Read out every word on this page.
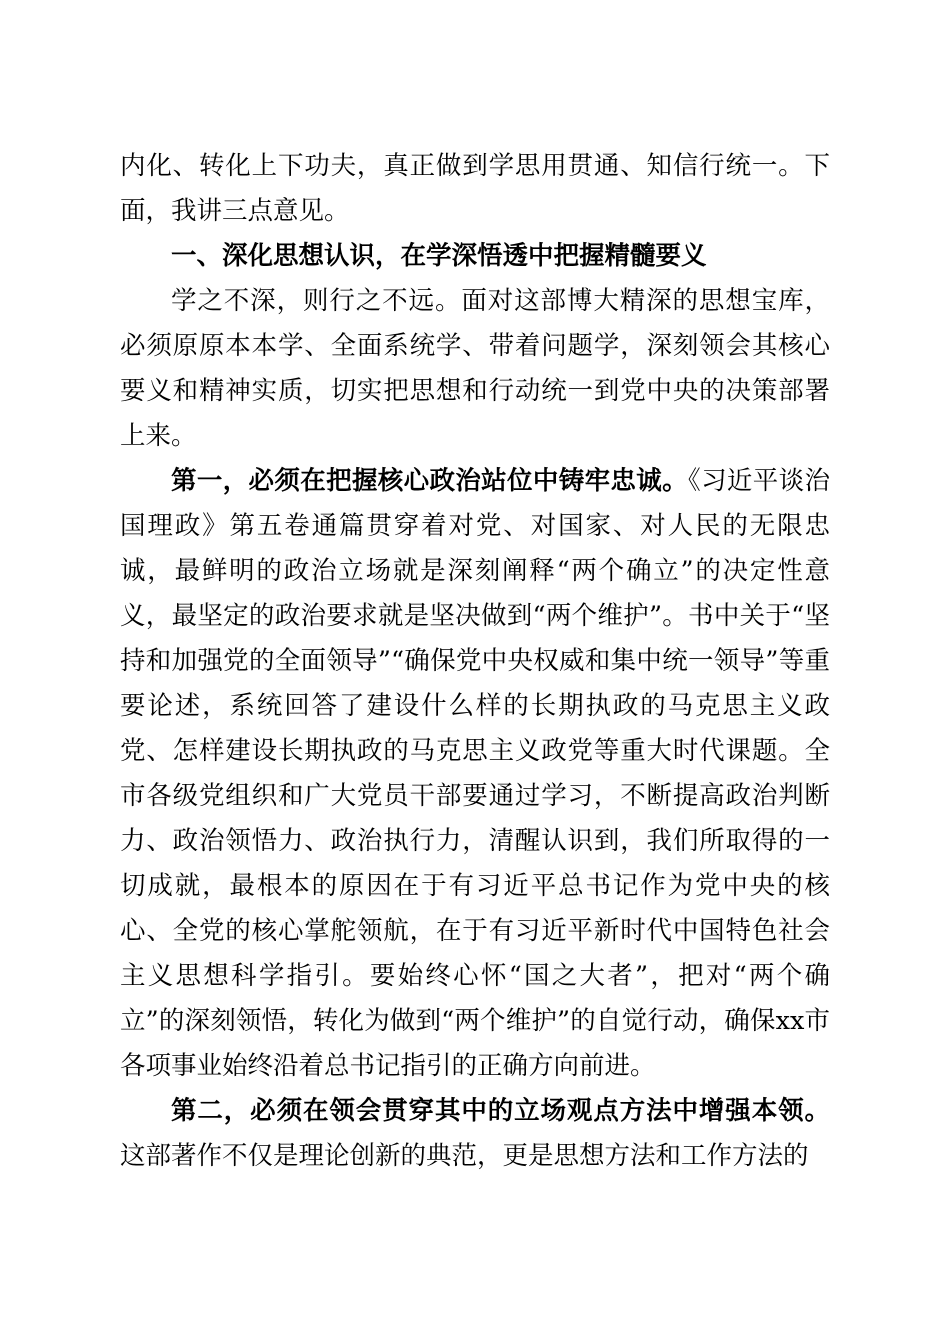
内化、转化上下功夫，真正做到学思用贯通、知信行统一。下面，我讲三点意见。

一、深化思想认识，在学深悟透中把握精髓要义

学之不深，则行之不远。面对这部博大精深的思想宝库，必须原原本本学、全面系统学、带着问题学，深刻领会其核心要义和精神实质，切实把思想和行动统一到党中央的决策部署上来。

第一，必须在把握核心政治站位中铸牢忠诚。《习近平谈治国理政》第五卷通篇贯穿着对党、对国家、对人民的无限忠诚，最鲜明的政治立场就是深刻阐释“两个确立”的决定性意义，最坚定的政治要求就是坚决做到“两个维护”。书中关于“坚持和加强党的全面领导”“确保党中央权威和集中统一领导”等重要论述，系统回答了建设什么样的长期执政的马克思主义政党、怎样建设长期执政的马克思主义政党等重大时代课题。全市各级党组织和广大党员干部要通过学习，不断提高政治判断力、政治领悟力、政治执行力，清醒认识到，我们所取得的一切成就，最根本的原因在于有习近平总书记作为党中央的核心、全党的核心掌舵领航，在于有习近平新时代中国特色社会主义思想科学指引。要始终心怀“国之大者”，把对“两个确立”的深刻领悟，转化为做到“两个维护”的自觉行动，确保xx市各项事业始终沿着总书记指引的正确方向前进。

第二，必须在领会贯穿其中的立场观点方法中增强本领。这部著作不仅是理论创新的典范，更是思想方法和工作方法的
